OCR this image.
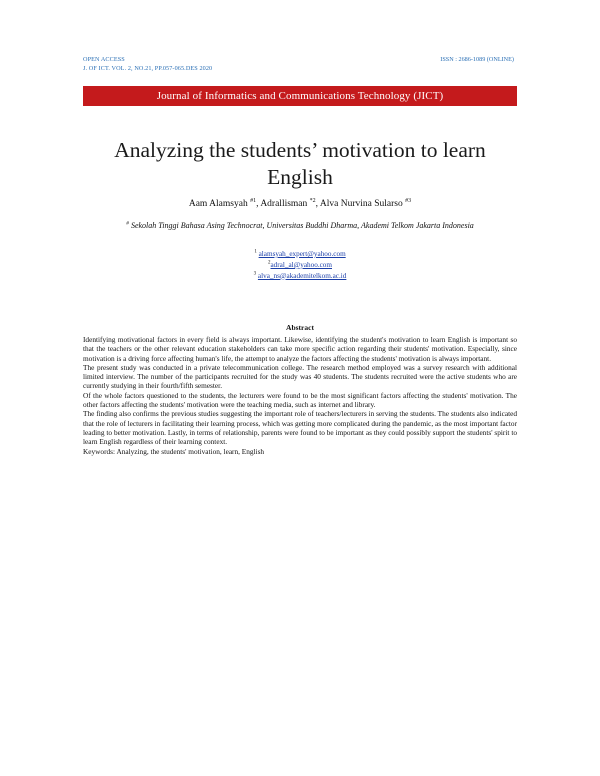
OPEN ACCESS
J. OF ICT. VOL. 2, NO.21, PP.057-065.DES 2020
ISSN : 2686-1089 (ONLINE)
Journal of Informatics and Communications Technology (JICT)
Analyzing the students’ motivation to learn English
Aam Alamsyah $^{\#1}$, Adrallisman $^{*2}$, Alva Nurvina Sularso $^{\#3}$
# Sekolah Tinggi Bahasa Asing Technocrat, Universitas Buddhi Dharma, Akademi Telkom Jakarta Indonesia
$^1$ alamsyah_expert@yahoo.com
$^2$adral_al@yahoo.com
$^3$ alva_ns@akademitelkom.ac.id
Abstract

Identifying motivational factors in every field is always important. Likewise, identifying the student's motivation to learn English is important so that the teachers or the other relevant education stakeholders can take more specific action regarding their students' motivation. Especially, since motivation is a driving force affecting human's life, the attempt to analyze the factors affecting the students' motivation is always important.

The present study was conducted in a private telecommunication college. The research method employed was a survey research with additional limited interview. The number of the participants recruited for the study was 40 students. The students recruited were the active students who are currently studying in their fourth/fifth semester.

Of the whole factors questioned to the students, the lecturers were found to be the most significant factors affecting the students' motivation. The other factors affecting the students' motivation were the teaching media, such as internet and library.

The finding also confirms the previous studies suggesting the important role of teachers/lecturers in serving the students. The students also indicated that the role of lecturers in facilitating their learning process, which was getting more complicated during the pandemic, as the most important factor leading to better motivation. Lastly, in terms of relationship, parents were found to be important as they could possibly support the students' spirit to learn English regardless of their learning context.

Keywords: Analyzing, the students' motivation, learn, English
